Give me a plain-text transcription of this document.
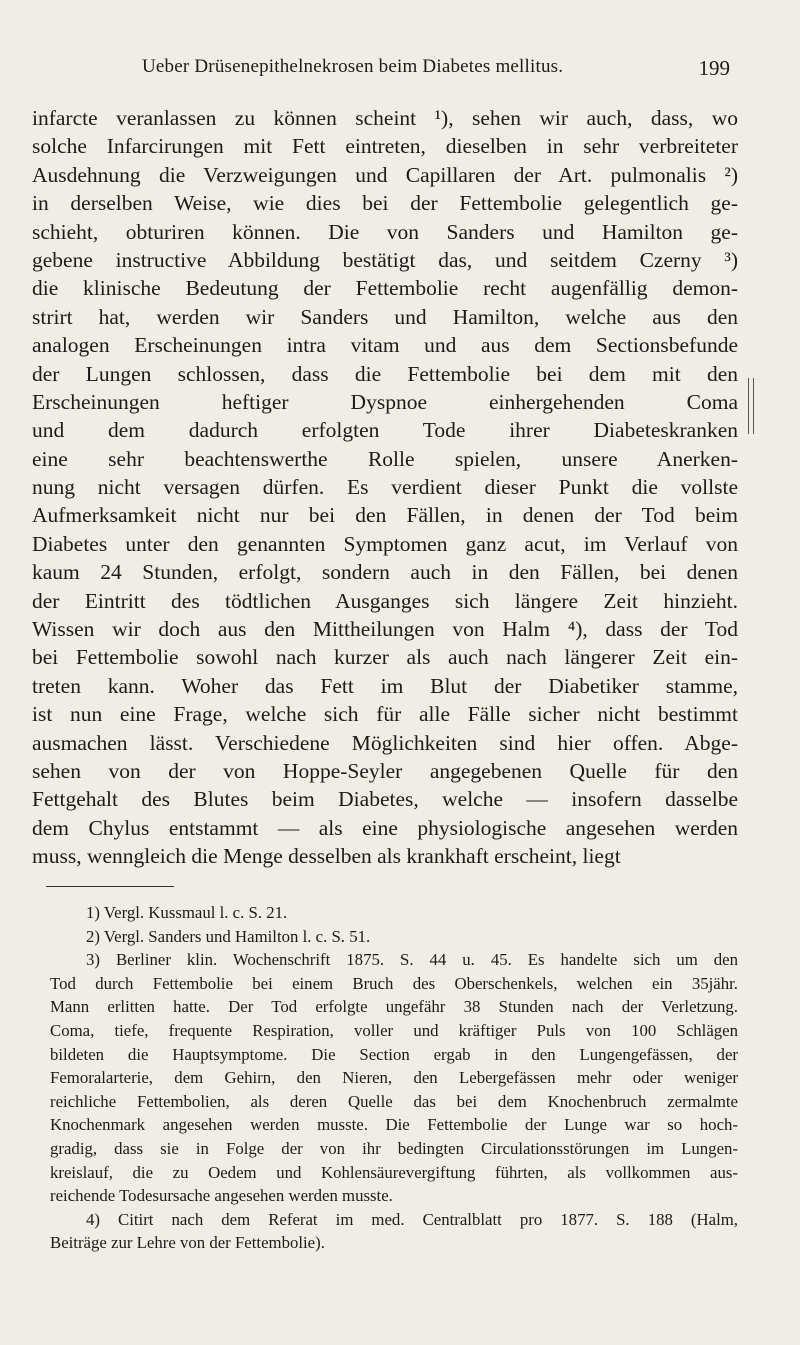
Ueber Drüsenepithelnekrosen beim Diabetes mellitus.	199
infarcte veranlassen zu können scheint ¹), sehen wir auch, dass, wo
solche Infarcirungen mit Fett eintreten, dieselben in sehr verbreiteter
Ausdehnung die Verzweigungen und Capillaren der Art. pulmonalis ²)
in derselben Weise, wie dies bei der Fettembolie gelegentlich ge-
schieht, obturiren können. Die von Sanders und Hamilton ge-
gebene instructive Abbildung bestätigt das, und seitdem Czerny ³)
die klinische Bedeutung der Fettembolie recht augenfällig demon-
strirt hat, werden wir Sanders und Hamilton, welche aus den
analogen Erscheinungen intra vitam und aus dem Sectionsbefunde
der Lungen schlossen, dass die Fettembolie bei dem mit den
Erscheinungen heftiger Dyspnoe einhergehenden Coma
und dem dadurch erfolgten Tode ihrer Diabeteskranken
eine sehr beachtenswerthe Rolle spielen, unsere Anerken-
nung nicht versagen dürfen. Es verdient dieser Punkt die vollste
Aufmerksamkeit nicht nur bei den Fällen, in denen der Tod beim
Diabetes unter den genannten Symptomen ganz acut, im Verlauf von
kaum 24 Stunden, erfolgt, sondern auch in den Fällen, bei denen
der Eintritt des tödtlichen Ausganges sich längere Zeit hinzieht.
Wissen wir doch aus den Mittheilungen von Halm ⁴), dass der Tod
bei Fettembolie sowohl nach kurzer als auch nach längerer Zeit ein-
treten kann. Woher das Fett im Blut der Diabetiker stamme,
ist nun eine Frage, welche sich für alle Fälle sicher nicht bestimmt
ausmachen lässt. Verschiedene Möglichkeiten sind hier offen. Abge-
sehen von der von Hoppe-Seyler angegebenen Quelle für den
Fettgehalt des Blutes beim Diabetes, welche — insofern dasselbe
dem Chylus entstammt — als eine physiologische angesehen werden
muss, wenngleich die Menge desselben als krankhaft erscheint, liegt
1) Vergl. Kussmaul l. c. S. 21.
2) Vergl. Sanders und Hamilton l. c. S. 51.
3) Berliner klin. Wochenschrift 1875. S. 44 u. 45. Es handelte sich um den
Tod durch Fettembolie bei einem Bruch des Oberschenkels, welchen ein 35jähr.
Mann erlitten hatte. Der Tod erfolgte ungefähr 38 Stunden nach der Verletzung.
Coma, tiefe, frequente Respiration, voller und kräftiger Puls von 100 Schlägen
bildeten die Hauptsymptome. Die Section ergab in den Lungengefässen, der
Femoralarterie, dem Gehirn, den Nieren, den Lebergefässen mehr oder weniger
reichliche Fettembolien, als deren Quelle das bei dem Knochenbruch zermalmte
Knochenmark angesehen werden musste. Die Fettembolie der Lunge war so hoch-
gradig, dass sie in Folge der von ihr bedingten Circulationsstörungen im Lungen-
kreislauf, die zu Oedem und Kohlensäurevergiftung führten, als vollkommen aus-
reichende Todesursache angesehen werden musste.
4) Citirt nach dem Referat im med. Centralblatt pro 1877. S. 188 (Halm,
Beiträge zur Lehre von der Fettembolie).
